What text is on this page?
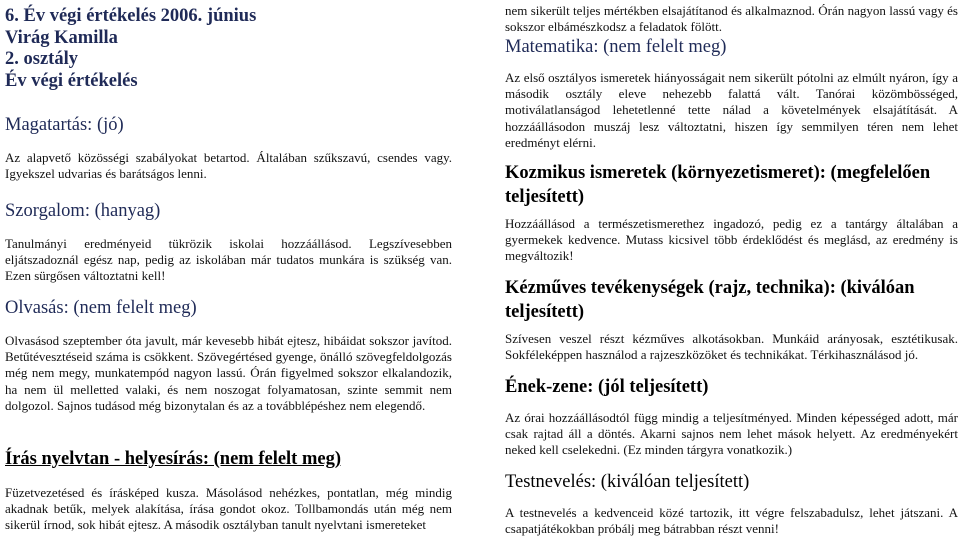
6. Év végi értékelés 2006. június
Virág Kamilla
2. osztály
Év végi értékelés
Magatartás: (jó)
Az alapvető közösségi szabályokat betartod. Általában szűkszavú, csendes vagy. Igyekszel udvarias és barátságos lenni.
Szorgalom: (hanyag)
Tanulmányi eredményeid tükrözik iskolai hozzáállásod. Legszívesebben eljátszadoznál egész nap, pedig az iskolában már tudatos munkára is szükség van. Ezen sürgősen változtatni kell!
Olvasás: (nem felelt meg)
Olvasásod szeptember óta javult, már kevesebb hibát ejtesz, hibáidat sokszor javítod. Betűtévesztéseid száma is csökkent. Szövegértésed gyenge, önálló szövegfeldolgozás még nem megy, munkatempód nagyon lassú. Órán figyelmed sokszor elkalandozik, ha nem ül melletted valaki, és nem noszogat folyamatosan, szinte semmit nem dolgozol. Sajnos tudásod még bizonytalan és az a továbblépéshez nem elegendő.
Írás nyelvtan - helyesírás: (nem felelt meg)
Füzetvezetésed és írásképed kusza. Másolásod nehézkes, pontatlan, még mindig akadnak betűk, melyek alakítása, írása gondot okoz. Tollbamondás után még nem sikerül írnod, sok hibát ejtesz. A második osztályban tanult nyelvtani ismereteket
nem sikerült teljes mértékben elsajátítanod és alkalmaznod. Órán nagyon lassú vagy és sokszor elbámészkodsz a feladatok fölött.
Matematika: (nem felelt meg)
Az első osztályos ismeretek hiányosságait nem sikerült pótolni az elmúlt nyáron, így a második osztály eleve nehezebb falattá vált. Tanórai közömbösséged, motiválatlanságod lehetetlenné tette nálad a követelmények elsajátítását. A hozzáállásodon muszáj lesz változtatni, hiszen így semmilyen téren nem lehet eredményt elérni.
Kozmikus ismeretek (környezetismeret): (megfelelően teljesített)
Hozzáállásod a természetismerethez ingadozó, pedig ez a tantárgy általában a gyermekek kedvence. Mutass kicsivel több érdeklődést és meglásd, az eredmény is megváltozik!
Kézműves tevékenységek (rajz, technika): (kiválóan teljesített)
Szívesen veszel részt kézműves alkotásokban. Munkáid arányosak, esztétikusak. Sokféleképpen használod a rajzeszközöket és technikákat. Térkihasználásod jó.
Ének-zene: (jól teljesített)
Az órai hozzáállásodtól függ mindig a teljesítményed. Minden képességed adott, már csak rajtad áll a döntés. Akarni sajnos nem lehet mások helyett. Az eredményekért neked kell cselekedni. (Ez minden tárgyra vonatkozik.)
Testnevelés: (kiválóan teljesített)
A testnevelés a kedvenceid közé tartozik, itt végre felszabadulsz, lehet játszani. A csapatjátékokban próbálj meg bátrabban részt venni!
